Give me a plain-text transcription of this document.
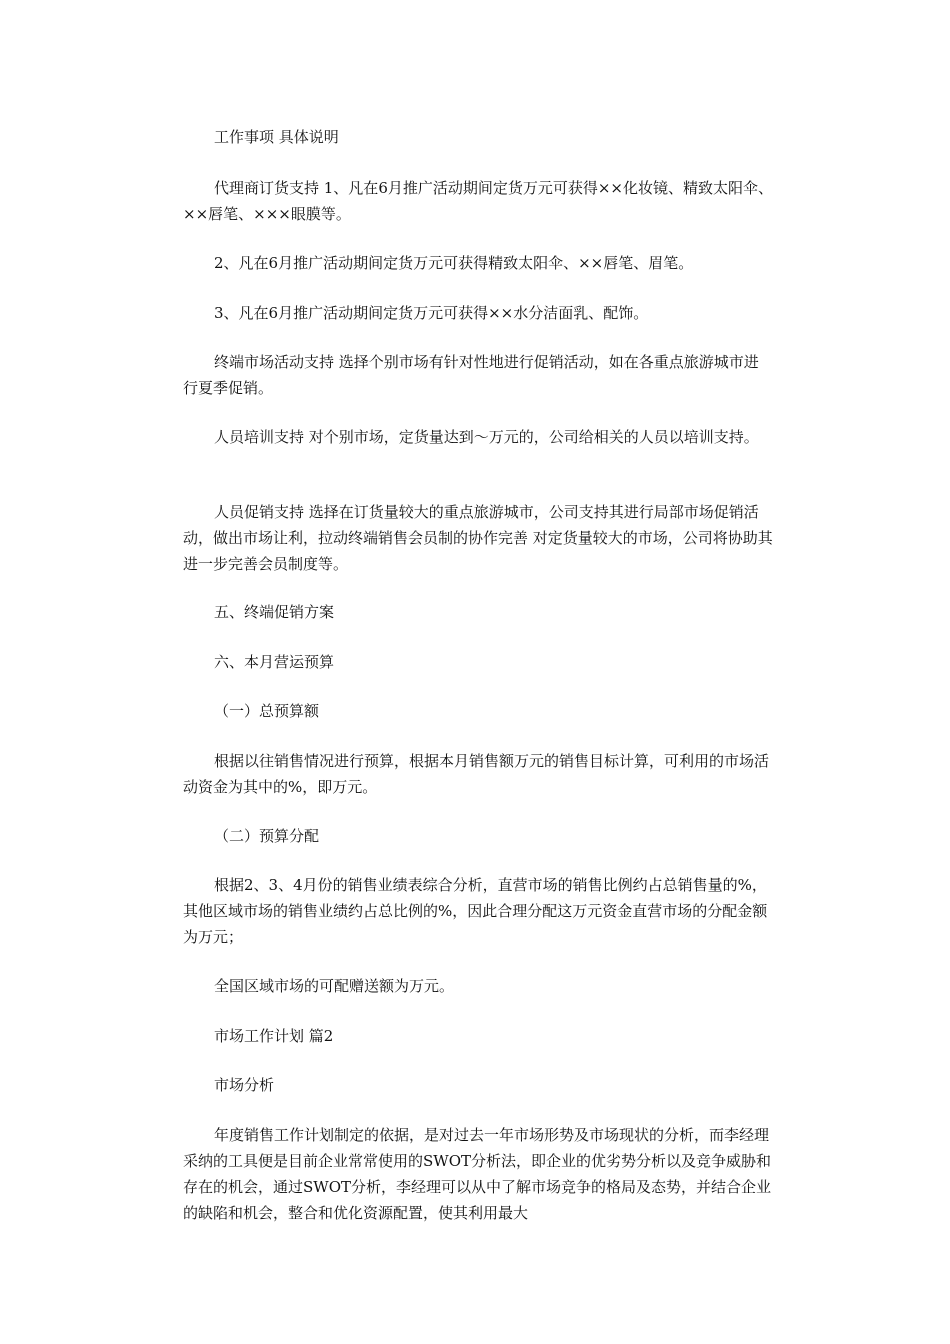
工作事项 具体说明

代理商订货支持 1、凡在6月推广活动期间定货万元可获得××化妆镜、精致太阳伞、××唇笔、×××眼膜等。

2、凡在6月推广活动期间定货万元可获得精致太阳伞、××唇笔、眉笔。

3、凡在6月推广活动期间定货万元可获得××水分洁面乳、配饰。

终端市场活动支持 选择个别市场有针对性地进行促销活动，如在各重点旅游城市进行夏季促销。

人员培训支持 对个别市场，定货量达到～万元的，公司给相关的人员以培训支持。

人员促销支持 选择在订货量较大的重点旅游城市，公司支持其进行局部市场促销活动，做出市场让利，拉动终端销售会员制的协作完善 对定货量较大的市场，公司将协助其进一步完善会员制度等。

五、终端促销方案

六、本月营运预算

（一）总预算额

根据以往销售情况进行预算，根据本月销售额万元的销售目标计算，可利用的市场活动资金为其中的%，即万元。

（二）预算分配

根据2、3、4月份的销售业绩表综合分析，直营市场的销售比例约占总销售量的%，其他区域市场的销售业绩约占总比例的%，因此合理分配这万元资金直营市场的分配金额为万元；

全国区域市场的可配赠送额为万元。

市场工作计划 篇2

市场分析

年度销售工作计划制定的依据，是对过去一年市场形势及市场现状的分析，而李经理采纳的工具便是目前企业常常使用的SWOT分析法，即企业的优劣势分析以及竞争威胁和存在的机会，通过SWOT分析，李经理可以从中了解市场竞争的格局及态势，并结合企业的缺陷和机会，整合和优化资源配置，使其利用最大
